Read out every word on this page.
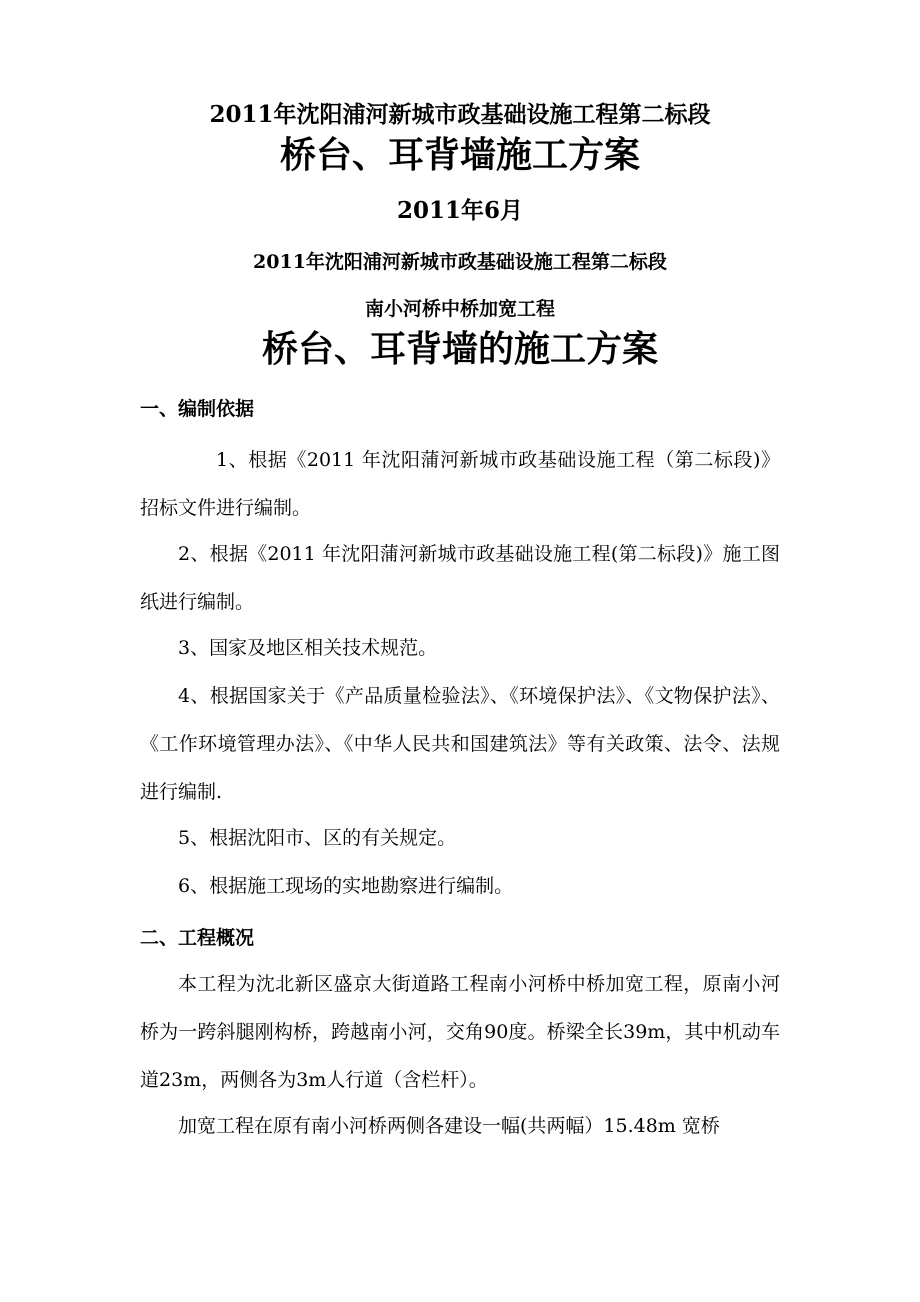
2011年沈阳浦河新城市政基础设施工程第二标段
桥台、耳背墙施工方案
2011年6月
2011年沈阳浦河新城市政基础设施工程第二标段
南小河桥中桥加宽工程
桥台、耳背墙的施工方案
一、编制依据
1、根据《2011 年沈阳蒲河新城市政基础设施工程（第二标段)》招标文件进行编制。
2、根据《2011 年沈阳蒲河新城市政基础设施工程(第二标段)》施工图纸进行编制。
3、国家及地区相关技术规范。
4、根据国家关于《产品质量检验法》、《环境保护法》、《文物保护法》、《工作环境管理办法》、《中华人民共和国建筑法》等有关政策、法令、法规进行编制.
5、根据沈阳市、区的有关规定。
6、根据施工现场的实地勘察进行编制。
二、工程概况
本工程为沈北新区盛京大街道路工程南小河桥中桥加宽工程，原南小河桥为一跨斜腿刚构桥，跨越南小河，交角90度。桥梁全长39m，其中机动车道23m，两侧各为3m人行道（含栏杆）。
加宽工程在原有南小河桥两侧各建设一幅(共两幅）15.48m 宽桥
